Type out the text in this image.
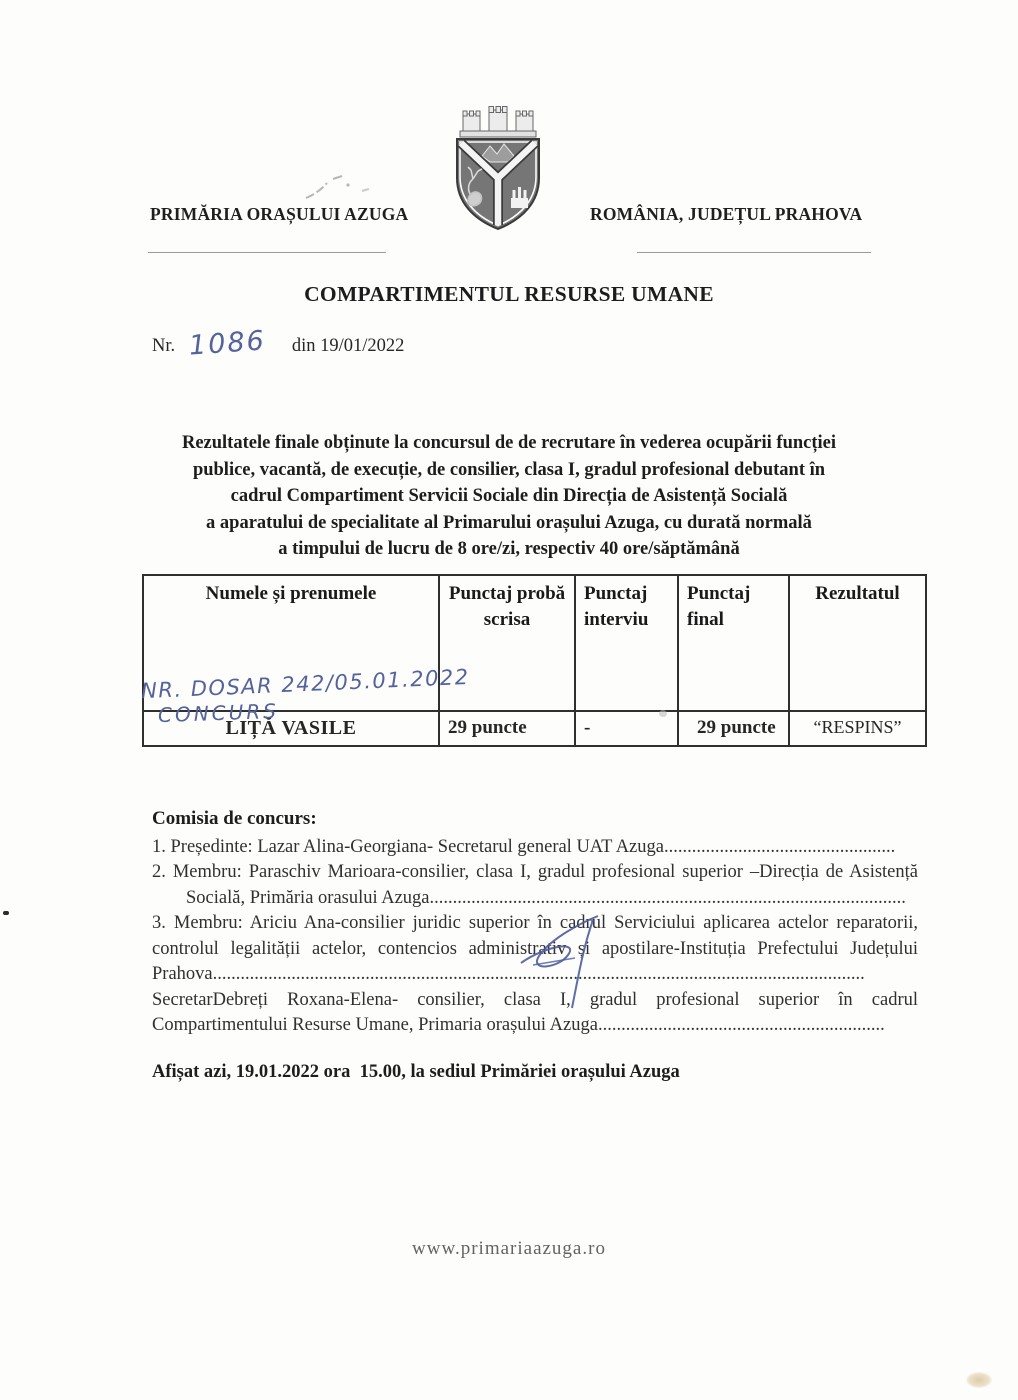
PRIMĂRIA ORAȘULUI AZUGA	ROMÂNIA, JUDEȚUL PRAHOVA
COMPARTIMENTUL RESURSE UMANE
Nr. 1086 din 19/01/2022
Rezultatele finale obținute la concursul de de recrutare în vederea ocupării funcției
publice, vacantă, de execuție, de consilier, clasa I, gradul profesional debutant în
cadrul Compartiment Servicii Sociale din Direcția de Asistență Socială
a aparatului de specialitate al Primarului orașului Azuga, cu durată normală
a timpului de lucru de 8 ore/zi, respectiv 40 ore/săptămână
Numele și prenumele	Punctaj probă scrisa	Punctaj interviu	Punctaj final	Rezultatul

LIȚĂ VASILE	29 puncte	-	29 puncte	“RESPINS”
NR. DOSAR 242/05.01.2022
CONCURS
Comisia de concurs:

1. Președinte: Lazar Alina-Georgiana- Secretarul general UAT Azuga..................................................

2. Membru: Paraschiv Marioara-consilier, clasa I, gradul profesional superior –Direcția de Asistență Socială, Primăria orasului Azuga.......................................................................................................

3. Membru: Ariciu Ana-consilier juridic superior în cadrul Serviciului aplicarea actelor reparatorii, controlul legalității actelor, contencios administrativ și apostilare-Instituția Prefectului Județului Prahova.............................................................................................................................................

SecretarDebreți Roxana-Elena- consilier, clasa I, gradul profesional superior în cadrul Compartimentului Resurse Umane, Primaria orașului Azuga..............................................................

Afișat azi, 19.01.2022 ora  15.00, la sediul Primăriei orașului Azuga
www.primariaazuga.ro
